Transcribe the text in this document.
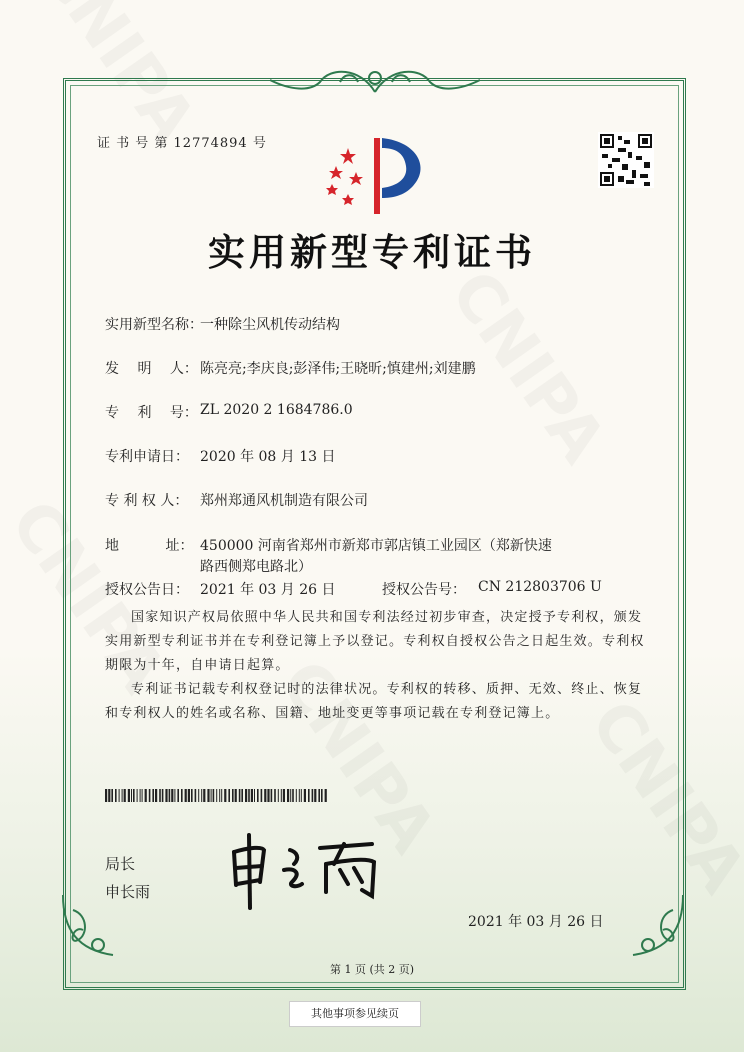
证 书 号 第 12774894 号
实用新型专利证书
实用新型名称：
一种除尘风机传动结构
发　 明　 人： 陈亮亮;李庆良;彭泽伟;王晓昕;慎建州;刘建鹏
专　 利　 号： ZL 2020 2 1684786.0
专利申请日： 2020 年 08 月 13 日
专 利 权 人： 郑州郑通风机制造有限公司
地　　　 址： 450000 河南省郑州市新郑市郭店镇工业园区（郑新快速
路西侧郑电路北）
授权公告日： 2021 年 03 月 26 日	授权公告号： CN 212803706 U
国家知识产权局依照中华人民共和国专利法经过初步审查，决定授予专利权，颁发实用新型专利证书并在专利登记簿上予以登记。专利权自授权公告之日起生效。专利权期限为十年，自申请日起算。
专利证书记载专利权登记时的法律状况。专利权的转移、质押、无效、终止、恢复和专利权人的姓名或名称、国籍、地址变更等事项记载在专利登记簿上。
局长
申长雨
2021 年 03 月 26 日
第 1 页 (共 2 页)
其他事项参见续页
